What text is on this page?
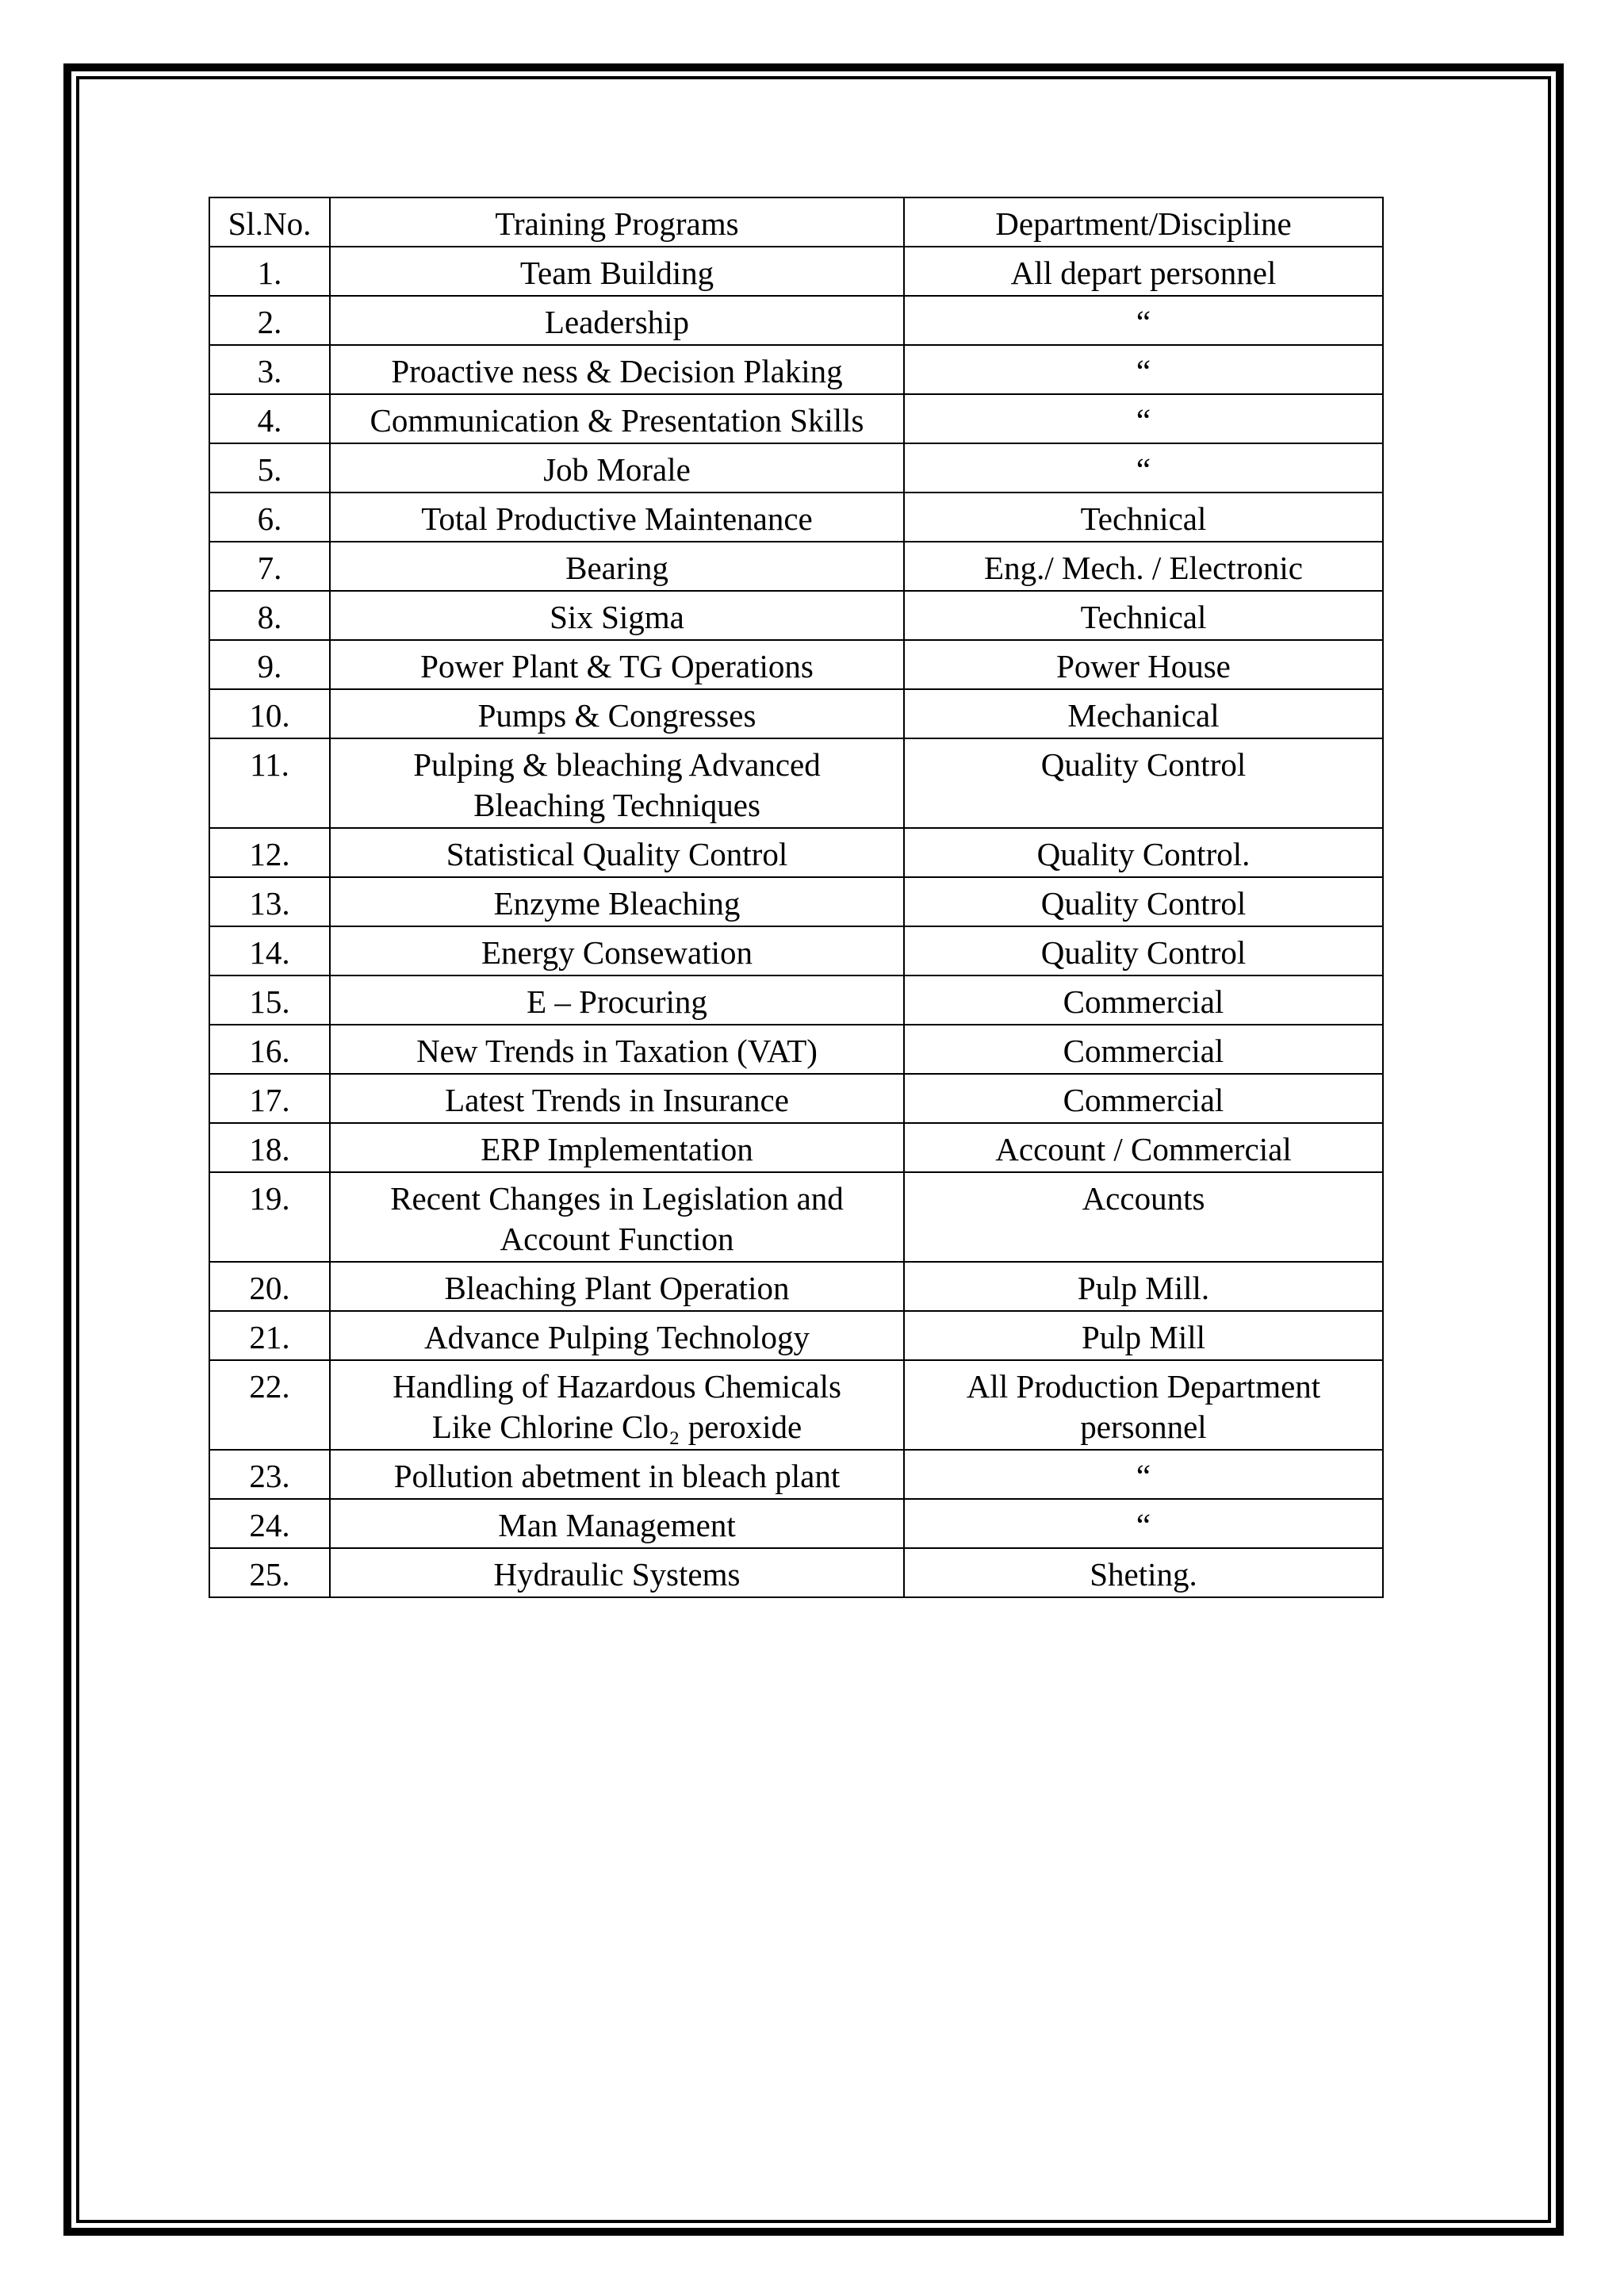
Sl.No.	Training Programs	Department/Discipline
1.	Team Building	All depart personnel

2.	Leadership	“

3.	Proactive ness & Decision Plaking	“

4.	Communication & Presentation Skills	“

5.	Job Morale	“

6.	Total Productive Maintenance	Technical

7.	Bearing	Eng./ Mech. / Electronic

8.	Six Sigma	Technical

9.	Power Plant & TG Operations	Power House

10.	Pumps & Congresses	Mechanical

11.	Pulping & bleaching Advanced
Bleaching Techniques	Quality Control

12.	Statistical Quality Control	Quality Control.

13.	Enzyme Bleaching	Quality Control

14.	Energy Consewation	Quality Control

15.	E – Procuring	Commercial

16.	New Trends in Taxation (VAT)	Commercial

17.	Latest Trends in Insurance	Commercial

18.	ERP Implementation	Account / Commercial

19.	Recent Changes in Legislation and
Account Function	Accounts

20.	Bleaching Plant Operation	Pulp Mill.

21.	Advance Pulping Technology	Pulp Mill

22.	Handling of Hazardous Chemicals
Like Chlorine Clo₂ peroxide	All Production Department
personnel

23.	Pollution abetment in bleach plant	“

24.	Man Management	“

25.	Hydraulic Systems	Sheting.
